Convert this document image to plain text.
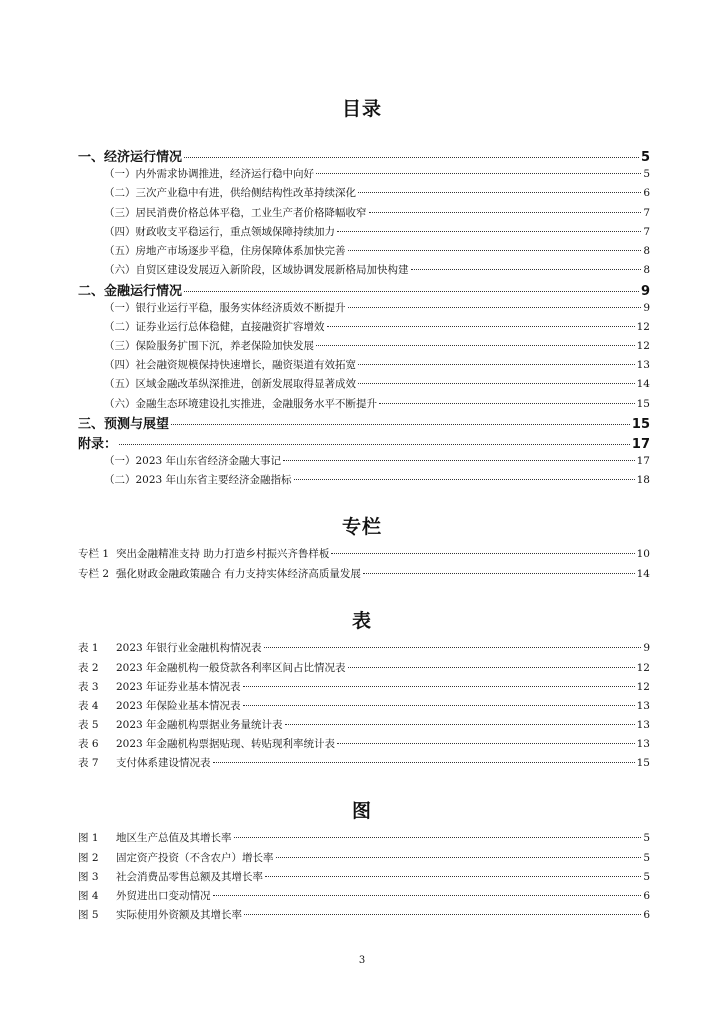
目录
一、经济运行情况	5
（一）内外需求协调推进，经济运行稳中向好	5
（二）三次产业稳中有进，供给侧结构性改革持续深化	6
（三）居民消费价格总体平稳，工业生产者价格降幅收窄	7
（四）财政收支平稳运行，重点领域保障持续加力	7
（五）房地产市场逐步平稳，住房保障体系加快完善	8
（六）自贸区建设发展迈入新阶段，区域协调发展新格局加快构建	8
二、金融运行情况	9
（一）银行业运行平稳，服务实体经济质效不断提升	9
（二）证券业运行总体稳健，直接融资扩容增效	12
（三）保险服务扩围下沉，养老保险加快发展	12
（四）社会融资规模保持快速增长，融资渠道有效拓宽	13
（五）区域金融改革纵深推进，创新发展取得显著成效	14
（六）金融生态环境建设扎实推进，金融服务水平不断提升	15
三、预测与展望	15
附录：	17
（一）2023 年山东省经济金融大事记	17
（二）2023 年山东省主要经济金融指标	18
专栏
专栏 1 突出金融精准支持 助力打造乡村振兴齐鲁样板	10
专栏 2 强化财政金融政策融合 有力支持实体经济高质量发展	14
表
表 1 2023 年银行业金融机构情况表	9
表 2 2023 年金融机构一般贷款各利率区间占比情况表	12
表 3 2023 年证券业基本情况表	12
表 4 2023 年保险业基本情况表	13
表 5 2023 年金融机构票据业务量统计表	13
表 6 2023 年金融机构票据贴现、转贴现利率统计表	13
表 7 支付体系建设情况表	15
图
图 1 地区生产总值及其增长率	5
图 2 固定资产投资（不含农户）增长率	5
图 3 社会消费品零售总额及其增长率	5
图 4 外贸进出口变动情况	6
图 5 实际使用外资额及其增长率	6
3
